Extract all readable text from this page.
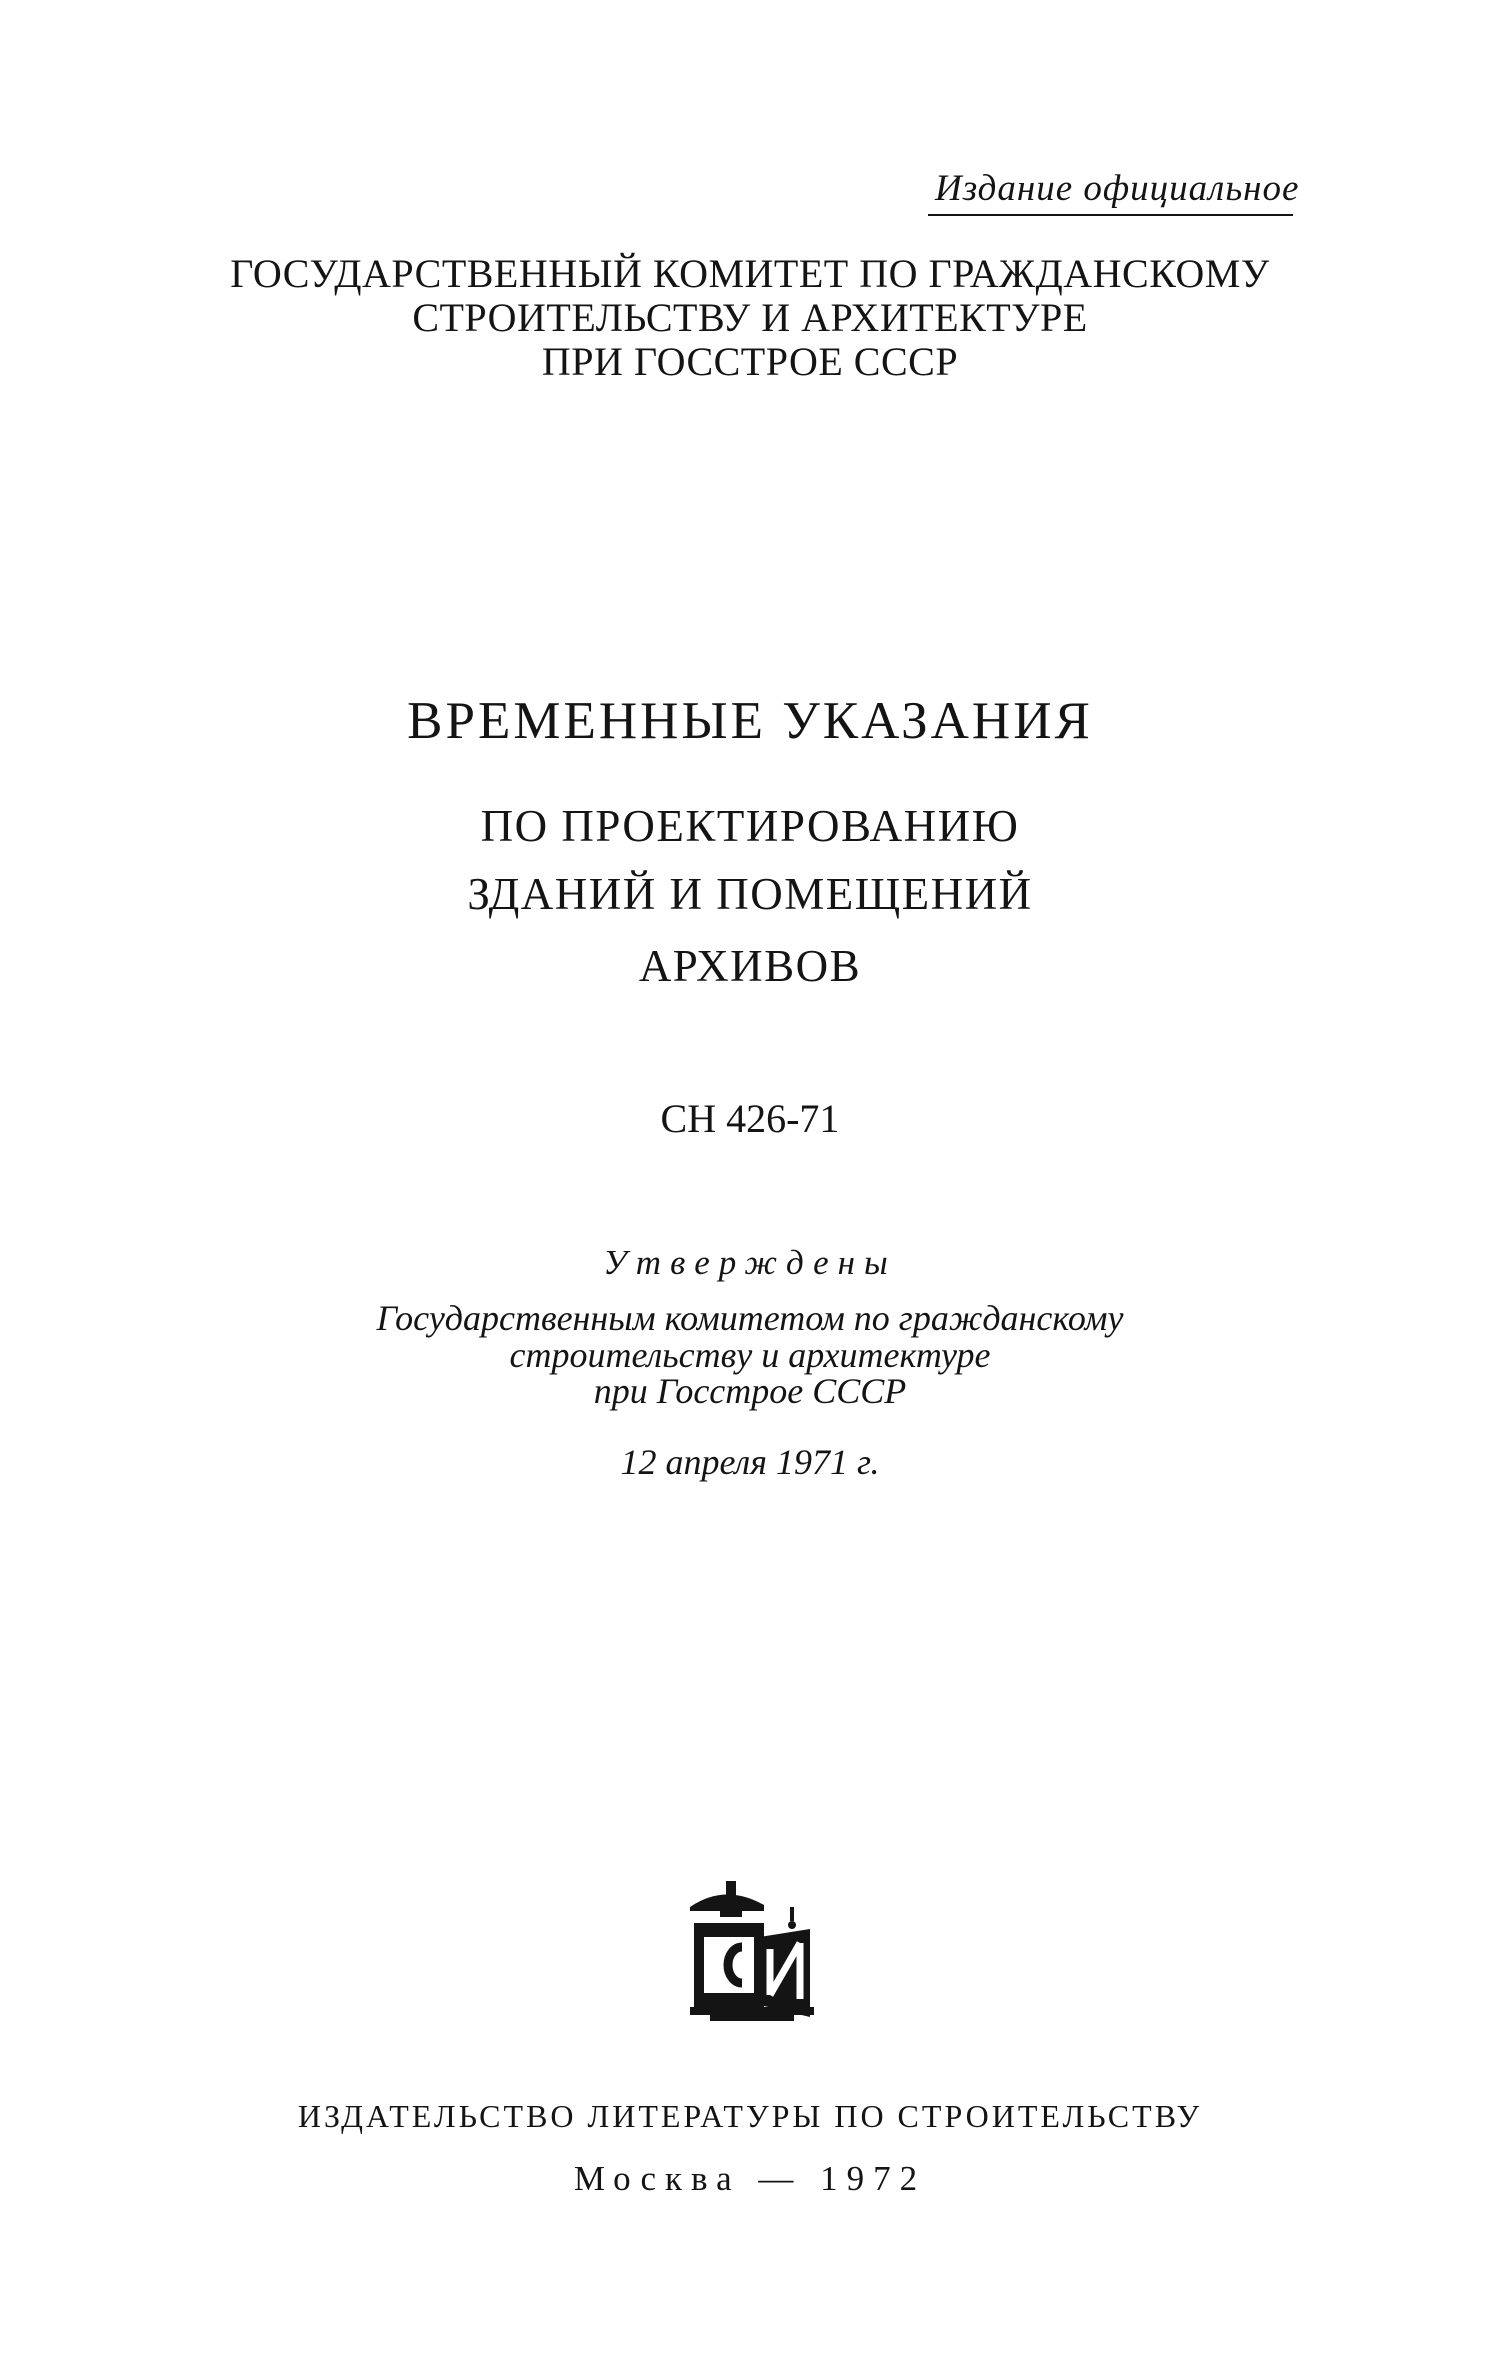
Издание официальное
ГОСУДАРСТВЕННЫЙ КОМИТЕТ ПО ГРАЖДАНСКОМУ
СТРОИТЕЛЬСТВУ И АРХИТЕКТУРЕ
ПРИ ГОССТРОЕ СССР
ВРЕМЕННЫЕ УКАЗАНИЯ
ПО ПРОЕКТИРОВАНИЮ
ЗДАНИЙ И ПОМЕЩЕНИЙ
АРХИВОВ
СН 426-71
Утверждены
Государственным комитетом по гражданскому
строительству и архитектуре
при Госстрое СССР
12 апреля 1971 г.
ИЗДАТЕЛЬСТВО ЛИТЕРАТУРЫ ПО СТРОИТЕЛЬСТВУ
Москва — 1972
